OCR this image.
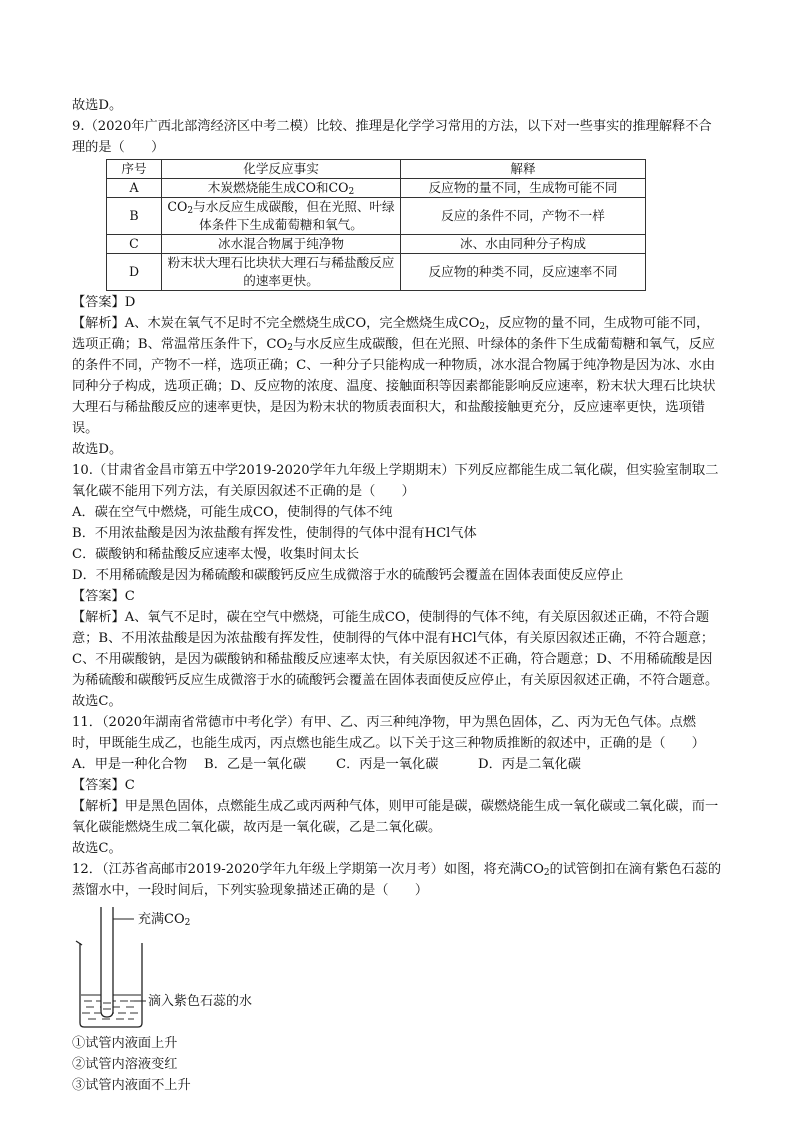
故选D。

9.（2020年广西北部湾经济区中考二模）比较、推理是化学学习常用的方法，以下对一些事实的推理解释不合理的是（　　）

序号	化学反应事实	解释
A	木炭燃烧能生成CO和$CO_2$	反应物的量不同，生成物可能不同
B	$CO_2$与水反应生成碳酸，但在光照、叶绿体条件下生成葡萄糖和氧气。	反应的条件不同，产物不一样
C	冰水混合物属于纯净物	冰、水由同种分子构成
D	粉末状大理石比块状大理石与稀盐酸反应的速率更快。	反应物的种类不同，反应速率不同

【答案】D

【解析】A、木炭在氧气不足时不完全燃烧生成CO，完全燃烧生成$CO_2$，反应物的量不同，生成物可能不同，选项正确；B、常温常压条件下，$CO_2$与水反应生成碳酸，但在光照、叶绿体的条件下生成葡萄糖和氧气，反应的条件不同，产物不一样，选项正确；C、一种分子只能构成一种物质，冰水混合物属于纯净物是因为冰、水由同种分子构成，选项正确；D、反应物的浓度、温度、接触面积等因素都能影响反应速率，粉末状大理石比块状大理石与稀盐酸反应的速率更快，是因为粉末状的物质表面积大，和盐酸接触更充分，反应速率更快，选项错误。

故选D。

10.（甘肃省金昌市第五中学2019-2020学年九年级上学期期末）下列反应都能生成二氧化碳，但实验室制取二氧化碳不能用下列方法，有关原因叙述不正确的是（　　）

A．碳在空气中燃烧，可能生成CO，使制得的气体不纯

B．不用浓盐酸是因为浓盐酸有挥发性，使制得的气体中混有HCl气体

C．碳酸钠和稀盐酸反应速率太慢，收集时间太长

D．不用稀硫酸是因为稀硫酸和碳酸钙反应生成微溶于水的硫酸钙会覆盖在固体表面使反应停止

【答案】C

【解析】A、氧气不足时，碳在空气中燃烧，可能生成CO，使制得的气体不纯，有关原因叙述正确，不符合题意；B、不用浓盐酸是因为浓盐酸有挥发性，使制得的气体中混有HCl气体，有关原因叙述正确，不符合题意；C、不用碳酸钠，是因为碳酸钠和稀盐酸反应速率太快，有关原因叙述不正确，符合题意；D、不用稀硫酸是因为稀硫酸和碳酸钙反应生成微溶于水的硫酸钙会覆盖在固体表面使反应停止，有关原因叙述正确，不符合题意。

故选C。

11．（2020年湖南省常德市中考化学）有甲、乙、丙三种纯净物，甲为黑色固体，乙、丙为无色气体。点燃时，甲既能生成乙，也能生成丙，丙点燃也能生成乙。以下关于这三种物质推断的叙述中，正确的是（　　）

A．甲是一种化合物 B．乙是一氧化碳 C．丙是一氧化碳	D．丙是二氧化碳

【答案】C

【解析】甲是黑色固体，点燃能生成乙或丙两种气体，则甲可能是碳，碳燃烧能生成一氧化碳或二氧化碳，而一氧化碳能燃烧生成二氧化碳，故丙是一氧化碳，乙是二氧化碳。

故选C。

12．（江苏省高邮市2019-2020学年九年级上学期第一次月考）如图，将充满$CO_2$的试管倒扣在滴有紫色石蕊的蒸馏水中，一段时间后，下列实验现象描述正确的是（　　）

充满$CO_2$
滴入紫色石蕊的水

①试管内液面上升

②试管内溶液变红

③试管内液面不上升
